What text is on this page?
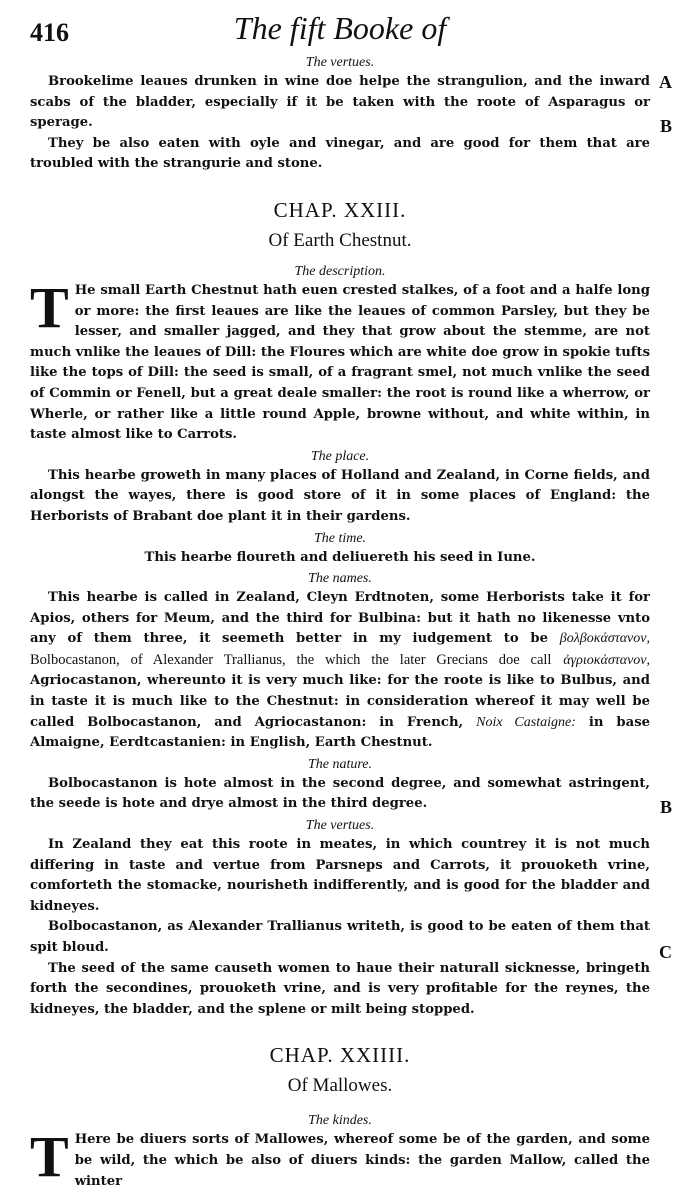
416	The fift Booke of
A
B
B
C
The vertues.

Brookelime leaues drunken in wine doe helpe the strangulion, and the inward scabs of the bladder, especially if it be taken with the roote of Asparagus or sperage.

They be also eaten with oyle and vinegar, and are good for them that are troubled with the strangurie and stone.

CHAP. XXIII.
Of Earth Chestnut.
The description.

T He small Earth Chestnut hath euen crested stalkes, of a foot and a halfe long or more: the first leaues are like the leaues of common Parsley, but they be lesser, and smaller jagged, and they that grow about the stemme, are not much vnlike the leaues of Dill: the Floures which are white doe grow in spokie tufts like the tops of Dill: the seed is small, of a fragrant smel, not much vnlike the seed of Commin or Fenell, but a great deale smaller: the root is round like a wherrow, or Wherle, or rather like a little round Apple, browne without, and white within, in taste almost like to Carrots.

The place.

This hearbe groweth in many places of Holland and Zealand, in Corne fields, and alongst the wayes, there is good store of it in some places of England: the Herborists of Brabant doe plant it in their gardens.

The time.

This hearbe floureth and deliuereth his seed in Iune.

The names.

This hearbe is called in Zealand, Cleyn Erdtnoten, some Herborists take it for Apios, others for Meum, and the third for Bulbina: but it hath no likenesse vnto any of them three, it seemeth better in my iudgement to be βολβοκάστανον, Bolbocastanon, of Alexander Trallianus, the which the later Grecians doe call ἀγριοκάστανον, Agriocastanon, whereunto it is very much like: for the roote is like to Bulbus, and in taste it is much like to the Chestnut: in consideration whereof it may well be called Bolbocastanon, and Agriocastanon: in French, Noix Castaigne: in base Almaigne, Eerdtcastanien: in English, Earth Chestnut.

The nature.

Bolbocastanon is hote almost in the second degree, and somewhat astringent, the seede is hote and drye almost in the third degree.

The vertues.

In Zealand they eat this roote in meates, in which countrey it is not much differing in taste and vertue from Parsneps and Carrots, it prouoketh vrine, comforteth the stomacke, nourisheth indifferently, and is good for the bladder and kidneyes.

Bolbocastanon, as Alexander Trallianus writeth, is good to be eaten of them that spit bloud.

The seed of the same causeth women to haue their naturall sicknesse, bringeth forth the secondines, prouoketh vrine, and is very profitable for the reynes, the kidneyes, the bladder, and the splene or milt being stopped.

CHAP. XXIIII.
Of Mallowes.
The kindes.

T Here be diuers sorts of Mallowes, whereof some be of the garden, and some be wild, the which be also of diuers kinds: the garden Mallow, called the winter
